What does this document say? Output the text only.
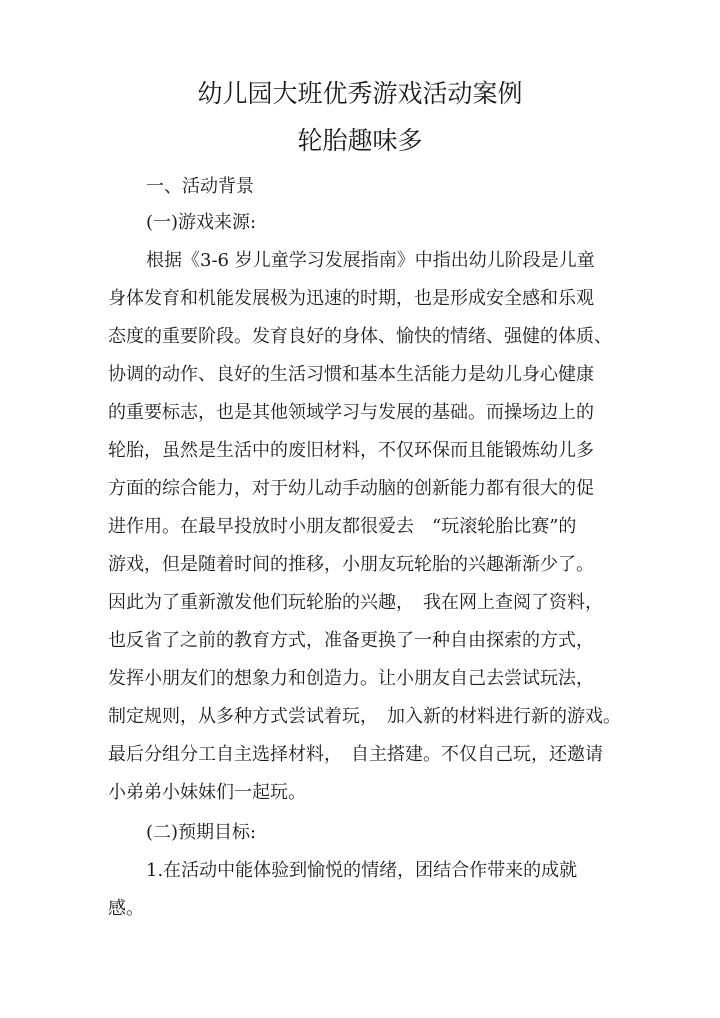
幼儿园大班优秀游戏活动案例
轮胎趣味多
一、活动背景
(一)游戏来源:
根据《3-6 岁儿童学习发展指南》中指出幼儿阶段是儿童
身体发育和机能发展极为迅速的时期，也是形成安全感和乐观
态度的重要阶段。发育良好的身体、愉快的情绪、强健的体质、
协调的动作、良好的生活习惯和基本生活能力是幼儿身心健康
的重要标志，也是其他领域学习与发展的基础。而操场边上的
轮胎，虽然是生活中的废旧材料，不仅环保而且能锻炼幼儿多
方面的综合能力，对于幼儿动手动脑的创新能力都有很大的促
进作用。在最早投放时小朋友都很爱去　“玩滚轮胎比赛”的
游戏，但是随着时间的推移，小朋友玩轮胎的兴趣渐渐少了。
因此为了重新激发他们玩轮胎的兴趣，　我在网上查阅了资料，
也反省了之前的教育方式，准备更换了一种自由探索的方式，
发挥小朋友们的想象力和创造力。让小朋友自己去尝试玩法，
制定规则，从多种方式尝试着玩，　加入新的材料进行新的游戏。
最后分组分工自主选择材料，　自主搭建。不仅自己玩，还邀请
小弟弟小妹妹们一起玩。
(二)预期目标:
1.在活动中能体验到愉悦的情绪，团结合作带来的成就
感。
